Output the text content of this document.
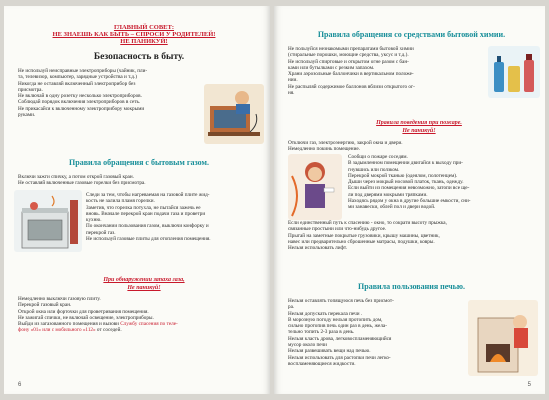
ГЛАВНЫЙ СОВЕТ:
НЕ ЗНАЕШЬ КАК БЫТЬ – СПРОСИ У РОДИТЕЛЕЙ!
НЕ ПАНИКУЙ!
Безопасность в быту.
Не используй неисправные электроприборы (чайник, пли-
та, телевизор, компьютер, зарядные устройства и т.д.)
Никогда не оставляй включенный электроприбор без
присмотра.
Не включай в одну розетку несколько электроприборов.
Соблюдай порядок включения электроприборов в сеть.
Не прикасайся к включенному электроприбору мокрыми
руками.
Правила обращения с бытовым газом.
Включи зажги спичку, а потом открой газовый кран.
Не оставляй включенные газовые горелки без присмотра.
Следи за тем, чтобы нагреваемая на газовой плите жид-
кость не залила пламя горелки.
Заметив, что горелка потухла, не пытайся зажечь ее
вновь. Вначале перекрой кран подачи газа и проветри
кухню.
По окончании пользования газом, выключи конфорку и
перекрой газ.
Не используй газовые плиты для отопления помещения.
При обнаружении запаха газа,
Не паникуй!
Немедленно выключи газовую плиту.
Перекрой газовый кран.
Открой окна или форточки для проветривания помещения.
Не зажигай спички, не включай освещение, электроприборы.
Выйди из загазованного помещения и вызови Службу спасения по теле-
фону «01» или с мобильного «112» от соседей.
6
Правила обращения со средствами бытовой химии.
Не пользуйся незнакомыми препаратами бытовой химии
(стиральные порошки, моющие средства, уксус и т.д.).
Не используй спиртовые и открытом огне разом с бан-
ками или бутылками с резким запахом.
Храни аэрозольные баллончики в вертикальном положе-
нии.
Не распыляй содержимое баллонов вблизи открытого ог-
ня.
Правила поведения при пожаре.
Не паникуй!
Отключи газ, электроэнергию, закрой окна и двери.
Немедленно покинь помещение.
Сообщи о пожаре соседям.
В задымленном помещении двигайся к выходу при-
гнувшись или ползком.
Перекрой мокрой тканью (одеялом, полотенцем).
Дыши через мокрый носовой платок, ткань, одежду.
Если выйти из помещения невозможно, затопи все ще-
ли под дверями мокрыми тряпками.
Находясь рядом у окна в другие большие емкости, сни-
ми занавески, облей пол и двери водой.
Если единственный путь к спасению - окно, то сократи высоту прыжка,
связанные простыни или что-нибудь другое.
Прыгай на заметные покрытые грузовики, крышу машины, цветник,
навес или предварительно сброшенные матрасы, подушки, ковры.
Нельзя использовать лифт.
Правила пользования печью.
Нельзя оставлять топящуюся печь без присмот-
ра.
Нельзя допускать перекала печи .
В морозную погоду нельзя протопить дом,
сильно протопив печь один раз в день, жела-
тельно топить 2-3 раза в день.
Нельзя класть дрова, легковоспламеняющийся
мусор около печи
Нельзя развешивать вещи над печью.
Нельзя использовать для растопки печи легко-
воспламеняющиеся жидкости.
5
